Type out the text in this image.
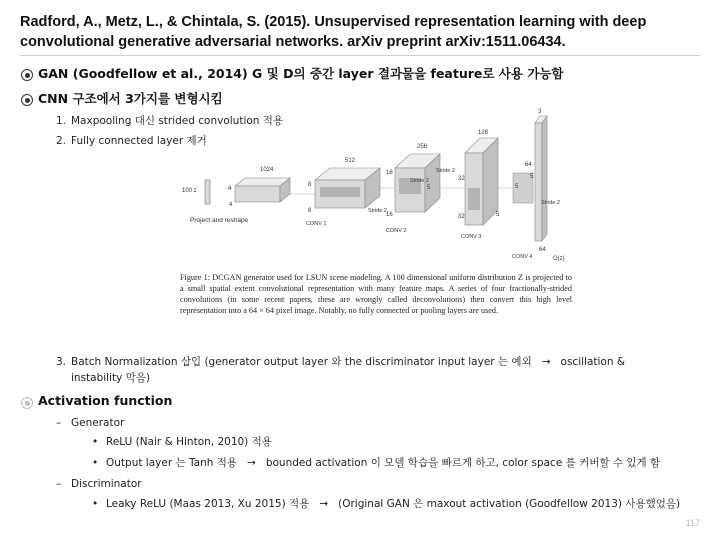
Radford, A., Metz, L., & Chintala, S. (2015). Unsupervised representation learning with deep convolutional generative adversarial networks. arXiv preprint arXiv:1511.06434.
GAN (Goodfellow et al., 2014) G 및 D의 중간 layer 결과물을 feature로 사용 가능함
CNN 구조에서 3가지를 변형시킴
1. Maxpooling 대신 strided convolution 적용
2. Fully connected layer 제거
100 z
1024
4
4
Project and reshape
512
8
8	Stride 2
CONV 1
256
16
16
Stride 2
CONV 2
128
32
32
Stride 2
CONV 3
5
5
3
64
64
5
5
Stride 2
CONV 4	G(z)
Figure 1: DCGAN generator used for LSUN scene modeling. A 100 dimensional uniform distribution Z is projected to a small spatial extent convolutional representation with many feature maps. A series of four fractionally-strided convolutions (in some recent papers, these are wrongly called deconvolutions) then convert this high level representation into a 64 × 64 pixel image. Notably, no fully connected or pooling layers are used.
3. Batch Normalization 삽입 (generator output layer 와 the discriminator input layer 는 예외 → oscillation &
instability 막음)
Activation function
– Generator
• ReLU (Nair & Hinton, 2010) 적용
• Output layer 는 Tanh 적용 → bounded activation 이 모델 학습을 빠르게 하고, color space 를 커버할 수 있게 함
– Discriminator
• Leaky ReLU (Maas 2013, Xu 2015) 적용 → (Original GAN 은 maxout activation (Goodfellow 2013) 사용했었음)
117
